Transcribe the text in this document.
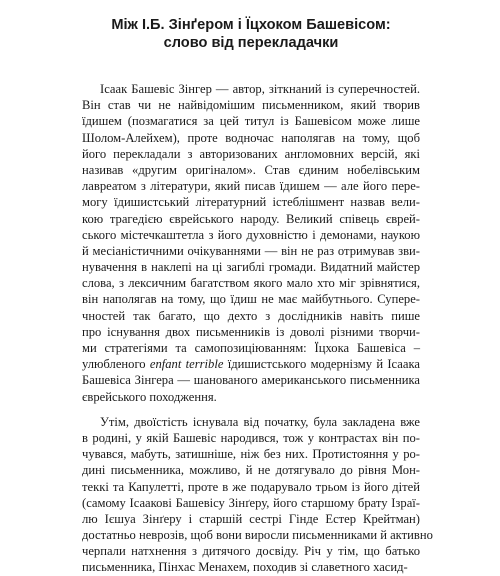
Між І.Б. Зінґером і Їцхоком Башевісом:
слово від перекладачки
Ісаак Башевіс Зінгер — автор, зіткнаний із суперечностей.
Він став чи не найвідомішим письменником, який творив
їдишем (позмагатися за цей титул із Башевісом може лише
Шолом-Алейхем), проте водночас наполягав на тому, щоб
його перекладали з авторизованих англомовних версій, які
називав «другим оригіналом». Став єдиним нобелівським
лавреатом з літератури, який писав їдишем — але його пере-
могу їдишистський літературний істеблішмент назвав вели-
кою трагедією єврейського народу. Великий співець єврей-
ського містечкаштетла з його духовністю і демонами, наукою
й месіаністичними очікуваннями — він не раз отримував зви-
нувачення в наклепі на ці загиблі громади. Видатний майстер
слова, з лексичним багатством якого мало хто міг зрівнятися,
він наполягав на тому, що їдиш не має майбутнього. Супере-
чностей так багато, що дехто з дослідників навіть пише
про існування двох письменників із доволі різними творчи-
ми стратегіями та самопозиціюванням: Їцхока Башевіса –
улюбленого enfant terrible їдишистського модернізму й Ісаака
Башевіса Зінгера — шанованого американського письменника
єврейського походження.
Утім, двоїстість існувала від початку, була закладена вже
в родині, у якій Башевіс народився, тож у контрастах він по-
чувався, мабуть, затишніше, ніж без них. Протистояння у ро-
дині письменника, можливо, й не дотягувало до рівня Мон-
теккі та Капулетті, проте в же подарувало трьом із його дітей
(самому Ісааковi Башевісу Зінґеру, його старшому брату Ізраї-
лю Ієшуа Зінґеру і старшій сестрі Гінде Естер Крейтман)
достатньо неврозів, щоб вони виросли письменниками й активно
черпали натхнення з дитячого досвіду. Річ у тім, що батько
письменника, Пінхас Менахем, походив зі славетного хасид-
